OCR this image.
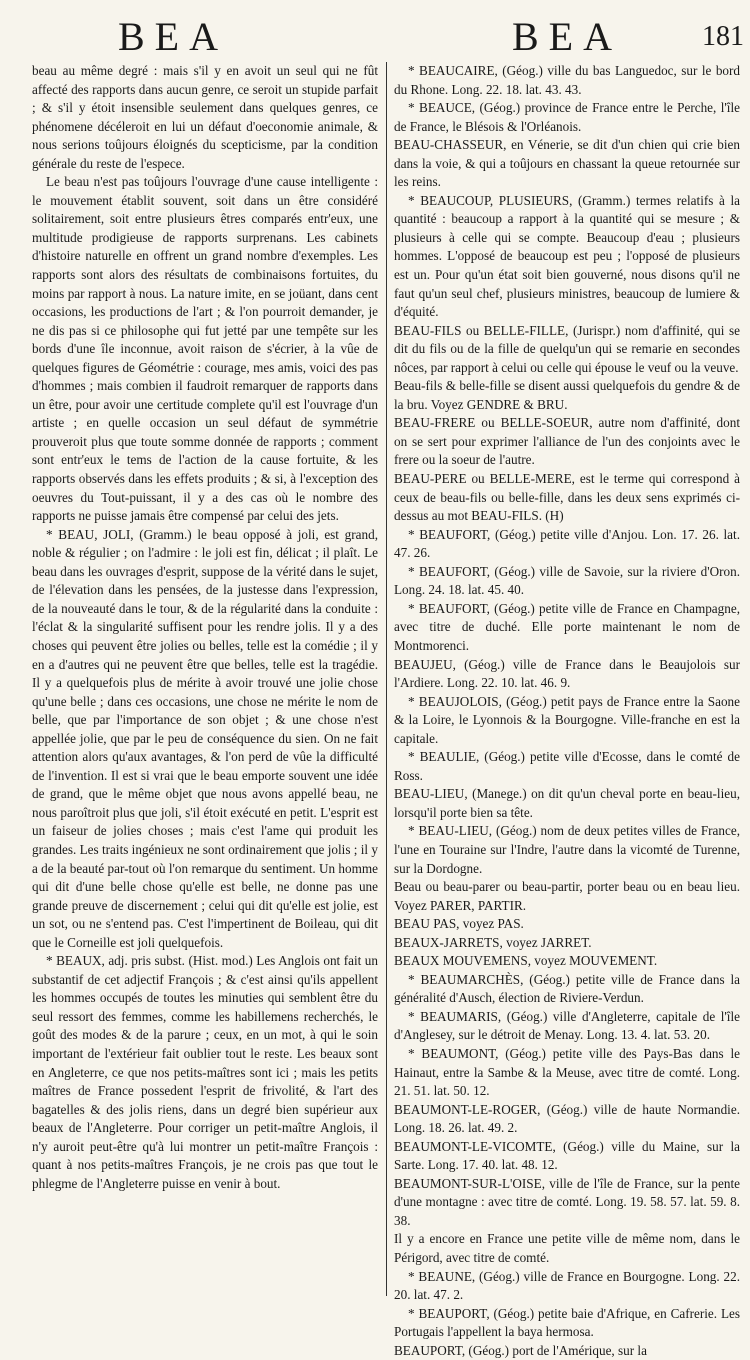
BEA	BEA	181

beau au même degré : mais s'il y en avoit un seul qui ne fût affecté des rapports dans aucun genre, ce seroit un stupide parfait ; & s'il y étoit insensible seulement dans quelques genres, ce phénomene décéleroit en lui un défaut d'oeconomie animale, & nous serions toûjours éloignés du scepticisme, par la condition générale du reste de l'espece.

Le beau n'est pas toûjours l'ouvrage d'une cause intelligente : le mouvement établit souvent, soit dans un être considéré solitairement, soit entre plusieurs êtres comparés entr'eux, une multitude prodigieuse de rapports surprenans. Les cabinets d'histoire naturelle en offrent un grand nombre d'exemples. Les rapports sont alors des résultats de combinaisons fortuites, du moins par rapport à nous. La nature imite, en se joüant, dans cent occasions, les productions de l'art ; & l'on pourroit demander, je ne dis pas si ce philosophe qui fut jetté par une tempête sur les bords d'une île inconnue, avoit raison de s'écrier, à la vûe de quelques figures de Géométrie : courage, mes amis, voici des pas d'hommes ; mais combien il faudroit remarquer de rapports dans un être, pour avoir une certitude complete qu'il est l'ouvrage d'un artiste ; en quelle occasion un seul défaut de symmétrie prouveroit plus que toute somme donnée de rapports ; comment sont entr'eux le tems de l'action de la cause fortuite, & les rapports observés dans les effets produits ; & si, à l'exception des oeuvres du Tout-puissant, il y a des cas où le nombre des rapports ne puisse jamais être compensé par celui des jets.

* BEAU, JOLI, (Gramm.) le beau opposé à joli, est grand, noble & régulier ; on l'admire : le joli est fin, délicat ; il plaît. Le beau dans les ouvrages d'esprit, suppose de la vérité dans le sujet, de l'élevation dans les pensées, de la justesse dans l'expression, de la nouveauté dans le tour, & de la régularité dans la conduite : l'éclat & la singularité suffisent pour les rendre jolis. Il y a des choses qui peuvent être jolies ou belles, telle est la comédie ; il y en a d'autres qui ne peuvent être que belles, telle est la tragédie. Il y a quelquefois plus de mérite à avoir trouvé une jolie chose qu'une belle ; dans ces occasions, une chose ne mérite le nom de belle, que par l'importance de son objet ; & une chose n'est appellée jolie, que par le peu de conséquence du sien. On ne fait attention alors qu'aux avantages, & l'on perd de vûe la difficulté de l'invention. Il est si vrai que le beau emporte souvent une idée de grand, que le même objet que nous avons appellé beau, ne nous paroîtroit plus que joli, s'il étoit exécuté en petit. L'esprit est un faiseur de jolies choses ; mais c'est l'ame qui produit les grandes. Les traits ingénieux ne sont ordinairement que jolis ; il y a de la beauté par-tout où l'on remarque du sentiment. Un homme qui dit d'une belle chose qu'elle est belle, ne donne pas une grande preuve de discernement ; celui qui dit qu'elle est jolie, est un sot, ou ne s'entend pas. C'est l'impertinent de Boileau, qui dit que le Corneille est joli quelquefois.

* BEAUX, adj. pris subst. (Hist. mod.) Les Anglois ont fait un substantif de cet adjectif François ; & c'est ainsi qu'ils appellent les hommes occupés de toutes les minuties qui semblent être du seul ressort des femmes, comme les habillemens recherchés, le goût des modes & de la parure ; ceux, en un mot, à qui le soin important de l'extérieur fait oublier tout le reste. Les beaux sont en Angleterre, ce que nos petits-maîtres sont ici ; mais les petits maîtres de France possedent l'esprit de frivolité, & l'art des bagatelles & des jolis riens, dans un degré bien supérieur aux beaux de l'Angleterre. Pour corriger un petit-maître Anglois, il n'y auroit peut-être qu'à lui montrer un petit-maître François : quant à nos petits-maîtres François, je ne crois pas que tout le phlegme de l'Angleterre puisse en venir à bout.

* BEAUCAIRE, (Géog.) ville du bas Languedoc, sur le bord du Rhone. Long. 22. 18. lat. 43. 43.

* BEAUCE, (Géog.) province de France entre le Perche, l'île de France, le Blésois & l'Orléanois.

BEAU-CHASSEUR, en Vénerie, se dit d'un chien qui crie bien dans la voie, & qui a toûjours en chassant la queue retournée sur les reins.

* BEAUCOUP, PLUSIEURS, (Gramm.) termes relatifs à la quantité : beaucoup a rapport à la quantité qui se mesure ; & plusieurs à celle qui se compte. Beaucoup d'eau ; plusieurs hommes. L'opposé de beaucoup est peu ; l'opposé de plusieurs est un. Pour qu'un état soit bien gouverné, nous disons qu'il ne faut qu'un seul chef, plusieurs ministres, beaucoup de lumiere & d'équité.

BEAU-FILS ou BELLE-FILLE, (Jurispr.) nom d'affinité, qui se dit du fils ou de la fille de quelqu'un qui se remarie en secondes nôces, par rapport à celui ou celle qui épouse le veuf ou la veuve.

Beau-fils & belle-fille se disent aussi quelquefois du gendre & de la bru. Voyez GENDRE & BRU.

BEAU-FRERE ou BELLE-SOEUR, autre nom d'affinité, dont on se sert pour exprimer l'alliance de l'un des conjoints avec le frere ou la soeur de l'autre.

BEAU-PERE ou BELLE-MERE, est le terme qui correspond à ceux de beau-fils ou belle-fille, dans les deux sens exprimés ci-dessus au mot BEAU-FILS. (H)

* BEAUFORT, (Géog.) petite ville d'Anjou. Lon. 17. 26. lat. 47. 26.

* BEAUFORT, (Géog.) ville de Savoie, sur la riviere d'Oron. Long. 24. 18. lat. 45. 40.

* BEAUFORT, (Géog.) petite ville de France en Champagne, avec titre de duché. Elle porte maintenant le nom de Montmorenci.

BEAUJEU, (Géog.) ville de France dans le Beaujolois sur l'Ardiere. Long. 22. 10. lat. 46. 9.

* BEAUJOLOIS, (Géog.) petit pays de France entre la Saone & la Loire, le Lyonnois & la Bourgogne. Ville-franche en est la capitale.

* BEAULIE, (Géog.) petite ville d'Ecosse, dans le comté de Ross.

BEAU-LIEU, (Manege.) on dit qu'un cheval porte en beau-lieu, lorsqu'il porte bien sa tête.

* BEAU-LIEU, (Géog.) nom de deux petites villes de France, l'une en Touraine sur l'Indre, l'autre dans la vicomté de Turenne, sur la Dordogne.

Beau ou beau-parer ou beau-partir, porter beau ou en beau lieu. Voyez PARER, PARTIR.

BEAU PAS, voyez PAS.

BEAUX-JARRETS, voyez JARRET.

BEAUX MOUVEMENS, voyez MOUVEMENT.

* BEAUMARCHÈS, (Géog.) petite ville de France dans la généralité d'Ausch, élection de Riviere-Verdun.

* BEAUMARIS, (Géog.) ville d'Angleterre, capitale de l'île d'Anglesey, sur le détroit de Menay. Long. 13. 4. lat. 53. 20.

* BEAUMONT, (Géog.) petite ville des Pays-Bas dans le Hainaut, entre la Sambe & la Meuse, avec titre de comté. Long. 21. 51. lat. 50. 12.

BEAUMONT-LE-ROGER, (Géog.) ville de haute Normandie. Long. 18. 26. lat. 49. 2.

BEAUMONT-LE-VICOMTE, (Géog.) ville du Maine, sur la Sarte. Long. 17. 40. lat. 48. 12.

BEAUMONT-SUR-L'OISE, ville de l'île de France, sur la pente d'une montagne : avec titre de comté. Long. 19. 58. 57. lat. 59. 8. 38.

Il y a encore en France une petite ville de même nom, dans le Périgord, avec titre de comté.

* BEAUNE, (Géog.) ville de France en Bourgogne. Long. 22. 20. lat. 47. 2.

* BEAUPORT, (Géog.) petite baie d'Afrique, en Cafrerie. Les Portugais l'appellent la baya hermosa.

BEAUPORT, (Géog.) port de l'Amérique, sur la
